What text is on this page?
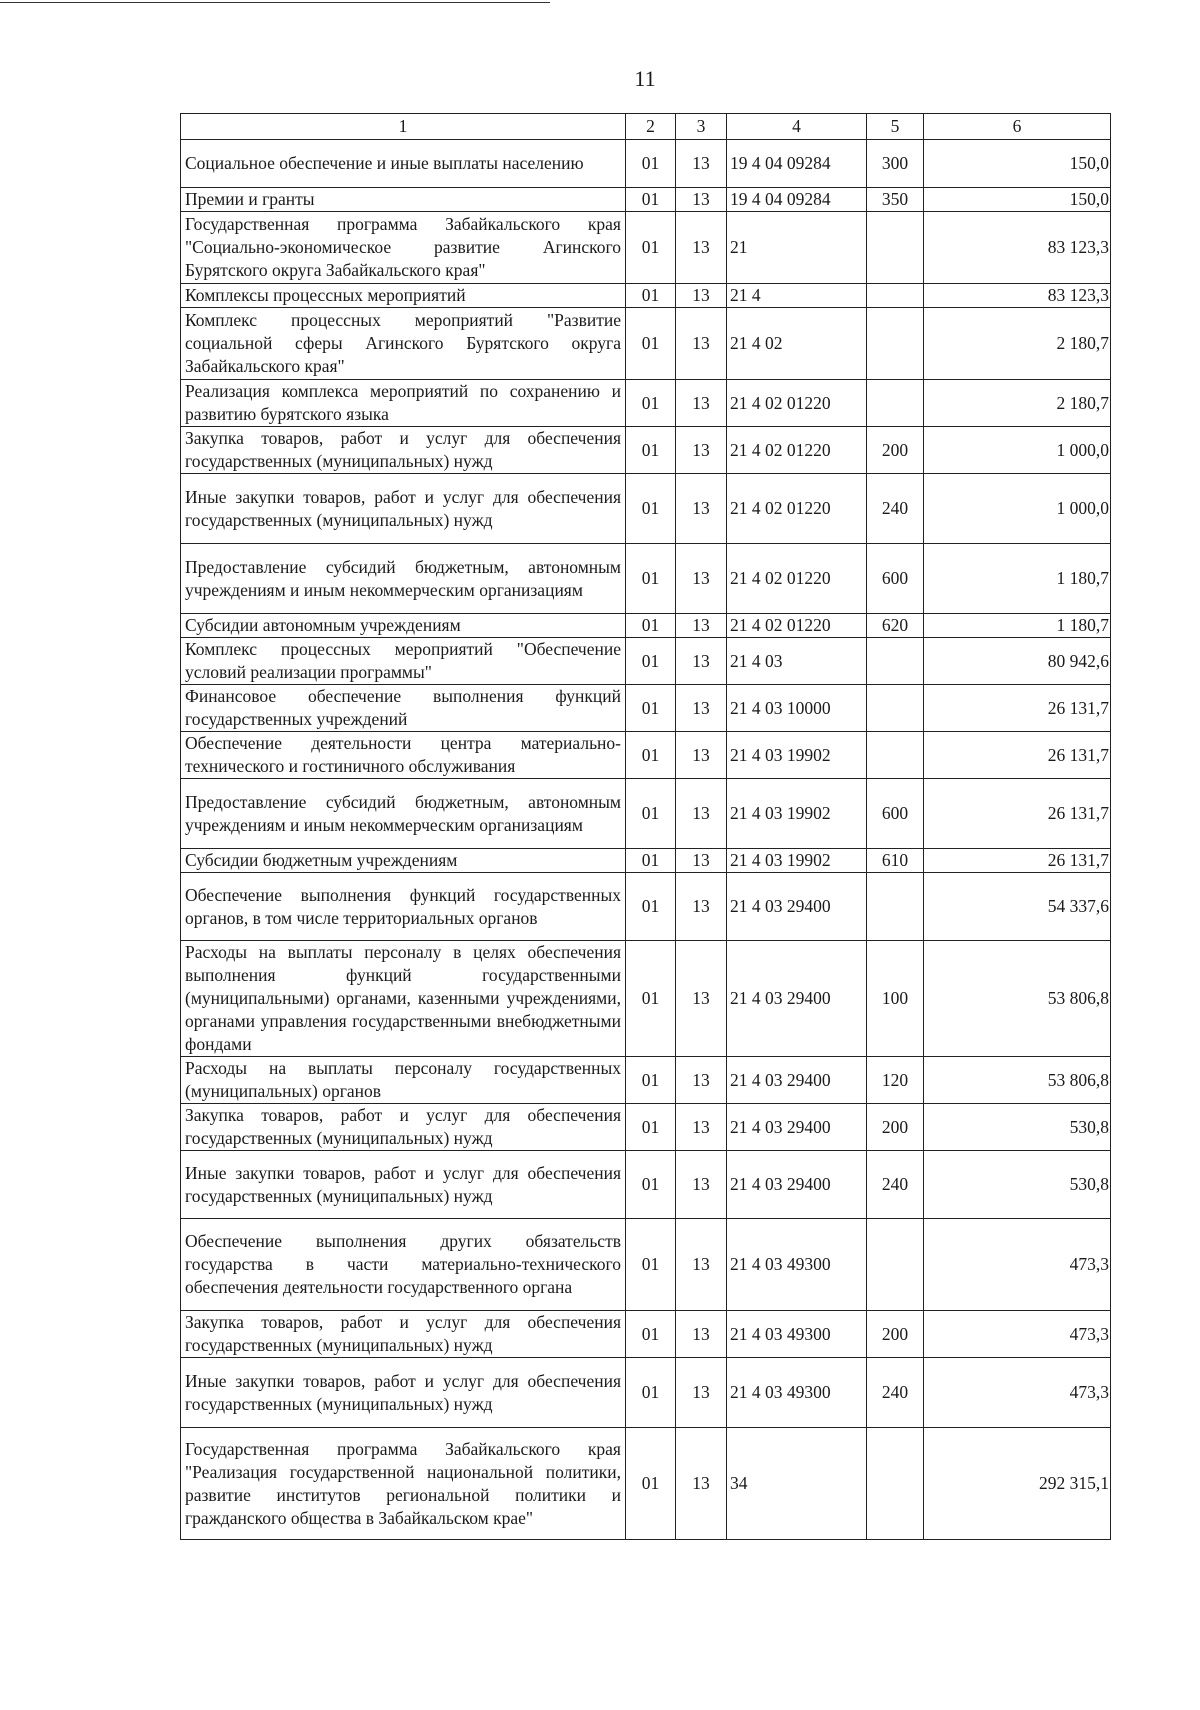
11
1	2	3	4	5	6
Социальное обеспечение и иные выплаты населению	01	13	19 4 04 09284	300	150,0
Премии и гранты	01	13	19 4 04 09284	350	150,0
Государственная программа Забайкальского края "Социально-экономическое развитие Агинского Бурятского округа Забайкальского края"	01	13	21		83 123,3
Комплексы процессных мероприятий	01	13	21 4		83 123,3
Комплекс процессных мероприятий "Развитие социальной сферы Агинского Бурятского округа Забайкальского края"	01	13	21 4 02		2 180,7
Реализация комплекса мероприятий по сохранению и развитию бурятского языка	01	13	21 4 02 01220		2 180,7
Закупка товаров, работ и услуг для обеспечения государственных (муниципальных) нужд	01	13	21 4 02 01220	200	1 000,0
Иные закупки товаров, работ и услуг для обеспечения государственных (муниципальных) нужд	01	13	21 4 02 01220	240	1 000,0
Предоставление субсидий бюджетным, автономным учреждениям и иным некоммерческим организациям	01	13	21 4 02 01220	600	1 180,7
Субсидии автономным учреждениям	01	13	21 4 02 01220	620	1 180,7
Комплекс процессных мероприятий "Обеспечение условий реализации программы"	01	13	21 4 03		80 942,6
Финансовое обеспечение выполнения функций государственных учреждений	01	13	21 4 03 10000		26 131,7
Обеспечение деятельности центра материально-технического и гостиничного обслуживания	01	13	21 4 03 19902		26 131,7
Предоставление субсидий бюджетным, автономным учреждениям и иным некоммерческим организациям	01	13	21 4 03 19902	600	26 131,7
Субсидии бюджетным учреждениям	01	13	21 4 03 19902	610	26 131,7
Обеспечение выполнения функций государственных органов, в том числе территориальных органов	01	13	21 4 03 29400		54 337,6
Расходы на выплаты персоналу в целях обеспечения выполнения функций государственными (муниципальными) органами, казенными учреждениями, органами управления государственными внебюджетными фондами	01	13	21 4 03 29400	100	53 806,8
Расходы на выплаты персоналу государственных (муниципальных) органов	01	13	21 4 03 29400	120	53 806,8
Закупка товаров, работ и услуг для обеспечения государственных (муниципальных) нужд	01	13	21 4 03 29400	200	530,8
Иные закупки товаров, работ и услуг для обеспечения государственных (муниципальных) нужд	01	13	21 4 03 29400	240	530,8
Обеспечение выполнения других обязательств государства в части материально-технического обеспечения деятельности государственного органа	01	13	21 4 03 49300		473,3
Закупка товаров, работ и услуг для обеспечения государственных (муниципальных) нужд	01	13	21 4 03 49300	200	473,3
Иные закупки товаров, работ и услуг для обеспечения государственных (муниципальных) нужд	01	13	21 4 03 49300	240	473,3
Государственная программа Забайкальского края "Реализация государственной национальной политики, развитие институтов региональной политики и гражданского общества в Забайкальском крае"	01	13	34		292 315,1
